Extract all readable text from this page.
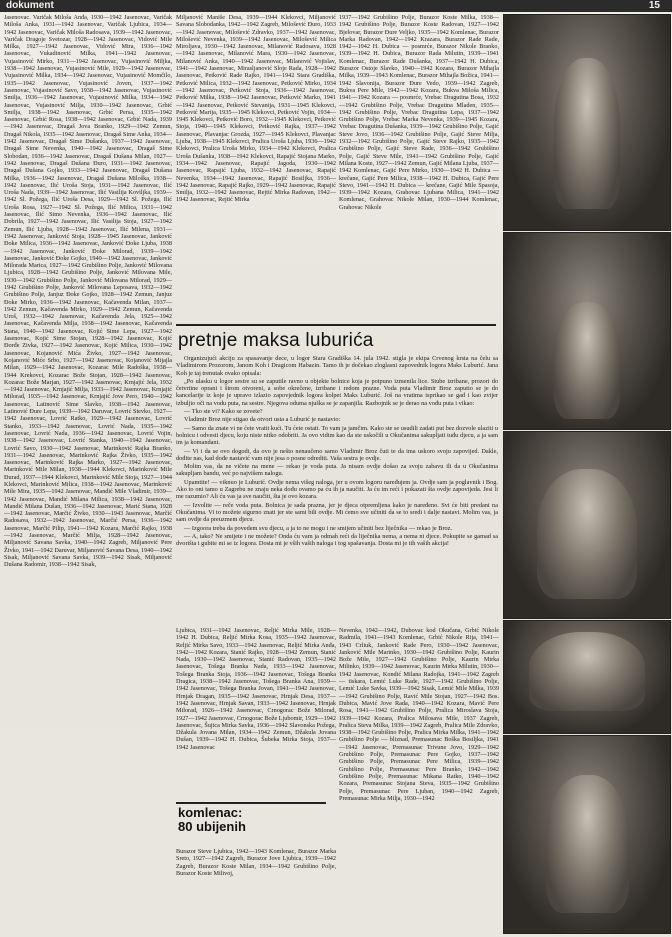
dokument	15
Jasenovac. Varičak Miloša Anđa, 1930—1942 Jasenovac, Varičak Miloša Anka, 1931—1942 Jasenovac, Varičak Ljubica, 1934—1942 Jasenovac, Varičak Miloša Radosava, 1939—1942 Jasenovac, Varičak Dragoje Svetozar, 1928—1942 Jasenovac, Vidović Mile Milka, 1927—1942 Jasenovac, Vidović Mira, 1936—1942 Jasenovac, Vukadinović Milka, 1941—1942 Jasenovac, Vujasinović Mirko, 1931—1942 Jasenovac, Vujasinović Miljka, 1938—1942 Jasenovac, Vujasinović Mile, 1929—1942 Jasenovac, Vujasinović Milka, 1934—1942 Jasenovac, Vujasinović Momčilo, 1935—1942 Jasenovac, Vujasinović Joven, 1937—1942 Jasenovac, Vujasinović Savo, 1938—1942 Jasenovac, Vujasinović Smilja, 1936—1942 Jasenovac, Vujasinović Milka, 1934—1942 Jasenovac, Vujasinović Milja, 1930—1942 Jasenovac, Grbić Smilja, 1938—1942 Jasenovac, Grbić Persa, 1935—1942 Jasenovac, Grbić Rosa, 1938—1942 Jasenovac, Grbić Nada, 1939—1942 Jasenovac, Dragaš Jova Branko, 1929—1942 Zemun, Dragaš Nikola, 1935—1942 Jasenovac, Dragaš Sime Anka, 1934—1942 Jasenovac, Dragaš Sime Dušanka, 1937—1942 Jasenovac, Dragaš Sime Nevenka, 1940—1942 Jasenovac, Dragaš Sime Slobodan, 1936—1942 Jasenovac, Dragaš Dušana Milan, 1927—1942 Jasenovac, Dragaš Dušana Đuro, 1931—1942 Jasenovac, Dragaš Dušana Gojko, 1933—1942 Jasenovac, Dragaš Dušana Milka, 1936—1942 Jasenovac, Dragaš Dušana Miloška, 1938—1942 Jasenovac, Ilić Uroša Stoja, 1931—1942 Jasenovac, Ilić Uroša Nada, 1939—1942 Jasenovac, Ilić Vasilija Kovilјka, 1939—1942 Sl. Požega, Ilić Uroša Desa, 1929—1942 Sl. Požega, Ilić Uroša Rosa, 1927—1942 Sl. Požega, Ilić Milica, 1931—1942 Jasenovac, Ilić Simo Nevenka, 1936—1942 Jasenovac, Ilić Dobrila, 1927—1942 Jasenovac, Ilić Vasilija Stoja, 1927—1942 Zemun, Ilić Ljuba, 1928—1942 Jasenovac, Ilić Milena, 1931—1942 Jasenovac, Janković Stoja, 1928—1945 Jasenovac, Janković Đoke Milica, 1936—1942 Jasenovac, Janković Đoke Ljuba, 1938—1942 Jasenovac, Janković Đoke Milorad, 1939—1942 Jasenovac, Janković Đoke Gojko, 1940—1942 Jasenovac, Janković Milorada Marica, 1927—1942 Grubišino Polje, Janković Milovana Ljubica, 1928—1942 Grubišino Polje, Janković Milovana Mile, 1930—1942 Grubišino Polje, Janković Milovana Milorad, 1929—1942 Grubišino Polje, Janković Milovana Leposava, 1932—1942 Grubišino Polje, Janjuz Đoke Gojko, 1928—1942 Zemun, Janjuz Đoke Mirko, 1936—1942 Jasenovac, Kačavenda Milan, 1937—1942 Zemun, Kačavenda Mirko, 1929—1942 Zemun, Kačavenda Uroš, 1932—1942 Jasenovac, Kačavenda Jela, 1925—1942 Jasenovac, Kačavenda Milja, 1938—1942 Jasenovac, Kačavenda Stana, 1940—1942 Jasenovac, Kojić Sime Lepa, 1927—1942 Jasenovac, Kojić Sime Stojan, 1928—1942 Jasenovac, Kojić Đorđe Zivka, 1927—1942 Jasenovac, Kojić Milica, 1930—1942 Jasenovac, Kojanović Mića Živko, 1927—1942 Jasenovac, Kojanović Miće Srbo, 1927—1942 Jasenovac, Kojanović Mijajla Milan, 1929—1942 Jasenovac, Kozarac Mile Radoška, 1938—1944 Krekovci, Kozarac Bože Stojan, 1928—1942 Jasenovac, Kozarac Bože Marjan, 1927—1942 Jasenovac, Krnjajić Jela, 1932—1942 Jasenovac, Krnjajić Milja, 1933—1942 Jasenovac, Krnjajić Milorad, 1935—1942 Jasenovac, Krnjajić Jove Pero, 1940—1942 Jasenovac, Latinović Sime Slavko, 1938—1942 Jasenovac, Latinović Đure Lepa, 1939—1942 Daruvar, Lovrić Stevko, 1927—1942 Jasenovac, Lovrić Ratko, 1929—1942 Jasenovac, Lovrić Stanko, 1933—1942 Jasenovac, Lovrić Nada, 1935—1942 Jasenovac, Lovrić Nada, 1936—1942 Jasenovac, Lovrić Vojin, 1938—1942 Jasenovac, Lovrić Stanka, 1940—1942 Jasenovac, Lovrić Savo, 1930—1942 Jasenovac, Marinković Rajka Branko, 1931—1942 Jasenovac, Marinković Rajka Živko, 1935—1942 Jasenovac, Marinković Rajka Marko, 1927—1942 Jasenovac, Marinković Mile Milan, 1938—1944 Klekovci, Marinković Mile Đurad, 1937—1944 Klekovci, Marinković Mile Stoja, 1927—1944 Klekovci, Marinković Milica, 1938—1942 Jasenovac, Marinković Mile Mira, 1935—1942 Jasenovac, Mandić Mile Vladimir, 1939—1942 Jasenovac, Mandić Milana Milica, 1938—1942 Jasenovac, Mandić Milana Dušan, 1936—1942 Jasenovac, Marić Stana, 1928—1942 Jasenovac, Marčić Živko, 1930—1943 Jasenovac, Marčić Radosava, 1932—1942 Jasenovac, Marčić Persa, 1936—1942 Jasenovac, Marčić Pilip, 1941—1942 Kozara, Marčić Rajko, 1938—1942 Jasenovac, Marčić Milja, 1928—1942 Jasenovac, Miljanović Savana Savka, 1940—1942 Zagreb, Miljanović Pere Živko, 1941—1942 Daruvar, Miljanović Savana Desa, 1940—1942 Sisak, Miljanović Savana Savka, 1939—1942 Sisak, Miljanović Dušana Radomir, 1938—1942 Sisak,
Miljanović Maniše Desa, 1939—1944 Klekovci, Miljanović Savana Slobodanka, 1942—1942 Zagreb, Milošević Đuro, 1933—1942 Jasenovac, Milošević Zdravko, 1937—1942 Jasenovac, Milošević Nevenka, 1939—1942 Jasenovac, Milošević Milica Mirolјava, 1930—1942 Jasenovac, Milanović Radosava, 1928—1942 Jasenovac, Milanović Mara, 1930—1942 Jasenovac, Milanović Anka, 1940—1942 Jasenovac, Milanović Vojislav, 1941—1942 Jasenovac, Miraslјanović Sloje Rada, 1928—1942 Jasenovac, Petković Rade Rajko, 1941—1942 Stara Gradiška, Petković Milica, 1932—1942 Jasenovac, Petković Mirko, 1934—1942 Jasenovac, Petković Stoja, 1936—1942 Jasenovac, Petković Milka, 1938—1942 Jasenovac, Petković Marko, 1941—1942 Jasenovac, Petković Stevanija, 1931—1945 Klekovci, Petković Marija, 1935—1945 Klekovci, Petković Vojin, 1934—1945 Klekovci, Petković Boro, 1932—1945 Klekovci, Petković Stoja, 1940—1945 Klekovci, Petković Rajka, 1937—1942 Jasenovac, Plavanjac Grozda, 1927—1945 Klekovci, Plavanjac Ljuba, 1938—1945 Klekovci, Pralica Uroša Ljuba, 1936—1942 Klekovci, Pralica Uroša Mirko, 1934—1942 Klekovci, Pralica Uroša Dušanka, 1938—1942 Klekovci, Rapajić Stojana Marko, 1934—1942 Jasenovac, Rapajić Jagoda, 1930—1942 Jasenovac, Rapajić Ljuba, 1932—1942 Jasenovac, Rapajić Nevenka, 1934—1942 Jasenovac, Rapajić Bosiljka, 1936—1942 Jasenovac, Rapajić Rajko, 1929—1942 Jasenovac, Rapajić Smilja, 1932—1942 Jasenovac, Rejtić Mirka Radovan, 1942—1942 Jasenovac, Rejtić Mirka
1937—1942 Grubišino Polje, Burazor Koste Milka, 1938—1942 Grubišino Polje, Burazor Koste Radovan, 1927—1942 Bjelovar, Burazor Đure Veljko, 1935—1942 Komlenac, Burazor Marka Radovan, 1942—1942 Krazara, Burazor Rade Rade, 1942—1942 H. Dubica — posmrće, Burazor Nikole Branko, 1939—1942 H. Dubica, Burazor Rada Milutin, 1939—1941 Komlenac, Burazor Rade Dušanka, 1937—1942 H. Dubica, Burazor Ostoje Slavko, 1940—1942 Kozara, Burazor Mihajla Milka, 1939—1943 Komlenac, Burazor Mihajla Božica, 1941—1942 Slavonija, Burazor Đure Vedo, 1939—1942 Zagreb, Bukva Pere Mile, 1942—1942 Kozara, Bukva Miloša Milica, 1941—1942 Kozara — posmrće, Vrebac Dragutina Bosa, 1932—1942 Grubišino Polje, Vrebac Dragutina Mladen, 1935—1942 Grubišino Polje, Vrebac Dragutina Lepa, 1937—1942 Grubišino Polje, Vrebac Marka Nevenka, 1939—1945 Kozara, Vrebac Dragutina Dušanka, 1939—1942 Grubišino Polje, Gajić Steve Jovo, 1936—1942 Grubišino Polje, Gajić Steve Milja, 1932—1942 Grubišino Polje, Gajić Steve Rajko, 1935—1942 Grubišino Polje, Gajić Steve Rade, 1936—1942 Grubišino Polje, Gajić Steve Mile, 1941—1942 Grubišino Polje, Gajić Milana Koste, 1927—1942 Zemun, Gajić Milana Ljuba, 1937—1942 Komlenac, Gajić Pere Mirko, 1930—1942 H. Dubica — krečane, Gajić Pere Milica, 1938—1942 H. Dubica, Gajić Pere Stevo, 1941—1942 H. Dubica — krečane, Gajić Mile Spasoja, 1939—1942 Kozara, Grahovac Ljubana Milica, 1941—1942 Komlenac, Grahovac Nikole Milan, 1930—1944 Komlenac, Grahovac Nikole
pretnje maksa luburića

Organizujući akciju za spasavanje dece, u logor Stara Gradiška 14. jula 1942. stigla je ekipa Crvenog krsta na čelu sa Vladimirom Prozorom, Janom Koh i Dragicom Habazin. Tamo ih je dočekao zloglasni zapovednik logora Maks Luburić. Jana Koh je taj trenutak ovako opisala:

„Po ulasku u logor sestre su se zaputile ravno u objekte bolnice koja je potpuno izmenila lice. Stube izribane, prozori do četvrtine oprani i širom otvoreni, a sobe okrečene, izribane i redom prazne. Voda puta Vladimir Broz zaputio se je do kancelarije iz koje je upravo izlazio zapovjednik logora kolpet Maks Luburić. Još na vratima isprikao se gad i kao zvijer izbuljio oči na vodu puta, na sestre. Njegova oduma njuška se je zapanjila. Razbojnik se je derao na vođu puta i vikao:

— Tko ste vi? Kako se zovete?

Vladimir Broz nije stigao da otvori usta a Luburić je nastavio:

— Samo da znate vi ne ćete vratit kući. Tu ćete ostati. To vam ja jamčim. Kako ste se usudili zadati put bez dozvole ulaziti u bolnicu i odvesti djecu, koju niste nitko odobriti. Ja ovo vidim kao da ste uskočili u Okučanima sakupljati tuđu djecu, a ja sam im ja komandant.

— Vi i da se ovo dogodi, da ovo je nešto nenaučeno samo Vladimir Broz čuti te da ima uskoro svoju zapovijed. Dakle, dođite nas, kad dođe nastavić vam nije jesa o posne odrediti. Vaša sestra je ovdje.

Molim vas, da ne vičete na mene — rekao je voda puta. Ja nisam ovdje došao za svoju zabavu ili da u Okučanima sakupljam bandu, već po najvišem nalogu.

Upamtite! — viknuo je Luburić. Ovdje nema višeg naloga, jer u ovom logoru naređujem ja. Ovdje sam ja poglavnik i Bog. Ako to oni tamo u Zagrebu ne znaju neka dođu ovamo pa ću ih ja naučiti. Ja ću im reći i pokazati šta ovdje zapovijeda. Jesi li me razumio? Ali ću vas ja sve naučiti, šta je ovo kozara.

— Izvolite — reče voda puta. Bolnica je sada prazna, jer je djeca otpremljena kako je naređeno. Svi će biti predani na Okučanima. Vi to možete sigurno znati jer ste sami bili ovdje. Mi ćemo sve učiniti da se to sredi i dalje nastavi. Molim vas, ja sam ovdje da preuzmem djecu.

— Izgoora treba da povedem svu djecu, a ja to ne mogu i ne smijem učiniti bez liječnika — rekao je Broz.

— A, tako? Ne smijete i ne možete? Onda ću vam ja odmah reći da liječnika nema, a nema ni djece. Pokupite se gamad sa dvorišta i gubite mi se iz logora. Dosta mi je vših vaših naloga i tog spašavanja. Dosta mi je tih vaših akcija!

Ljubica, 1931—1942 Jasenovac, Reljić Mirka Mile, 1928—1942 H. Dubica, Reljić Mirka Kosa, 1935—1942 Jasenovac, Reljić Mirka Savo, 1933—1942 Jasenovac, Reljić Mirka Anđa, 1942—1942 Kozara, Stanić Rajko, 1928—1942 Zemun, Stanić Nada, 1930—1942 Jasenovac, Stanić Radovan, 1935—1942 Jasenovac, Tošega Branka Nada, 1933—1942 Jasenovac, Tošega Branka Stoja, 1936—1942 Jasenovac, Tošega Branka Dragica, 1938—1942 Jasenovac, Tošega Branka Ana, 1939—1942 Jasenovac, Tošega Branka Jovan, 1941—1942 Jasenovac, Hrnjak Dragan, 1935—1942 Jasenovac, Hrnjak Desa, 1937—1942 Jasenovac, Hrnjak Savan, 1933—1942 Jasenovac, Hrnjak Milorad, 1926—1942 Jasenovac, Crnogorac Bože Milorad, 1927—1942 Jasenovac, Crnogorac Bože Ljubomir, 1929—1942 Jasenovac, Šujica Mirka Savka, 1936—1942 Slavonska Požega, Džakula Jovana Milan, 1934—1942 Zemun, Džakula Jovana Dušan, 1939—1942 H. Dubica, Šubeka Mirka Stoja, 1937—1942 Jasenovac
komlenac:
80 ubijenih
Burazor Steve Ljubica, 1942—1943 Komlenac, Burazor Marka Sreto, 1927—1942 Zagreb, Burazor Jove Ljubica, 1939—1942 Zagreb, Burazor Koste Milan, 1934—1942 Grubišino Polje, Burazor Koste Milivoj,
Nevenka, 1942—1942, Dubovac kod Okučana, Grbić Nikole Radmila, 1941—1943 Komlenac, Grbić Nikole Rija, 1941—1943 Crliuk, Janković Rade Pero, 1930—1942 Jasenovac, Janković Mile Marinko, 1930—1942 Grubišino Polje, Kaurin Bože Mile, 1927—1942 Grubišino Polje, Kaurin Mirka Milinko, 1939—1942 Jasenovac, Kaurin Mirka Milutin, 1930—1942 Jasenovac, Kondić Milana Radojka, 1941—1942 Zagreb — tiskara, Lemić Luke Rade, 1927—1942 Grubišino Polje, Lemić Luke Savka, 1939—1942 Sisak, Lemić Mile Milka, 1939—1942 Grubišino Polje, Ravić Mile Stojan, 1927—1942 Bos. Dubica, Mavić Jove Rada, 1940—1942 Kozara, Mavić Pere Rosa, 1941—1942 Grubišino Polje, Pralica Miroslava Stoja, 1939—1942 Kozara, Pralica Milosava Mile, 1937 Zagreb, Pralica Steva Milka, 1939—1942 Zagreb, Pralica Mile Zdravko, 1938—1942 Grubišino Polje, Pralica Mirka Milka, 1941—1942 Grubišino Polje — bliznad, Premasunac Boška Bosiljka, 1941—1942 Jasenovac, Premasunac Trivune Jovo, 1929—1942 Grubišino Polje, Premasunac Pere Gojko, 1937—1942 Grubišino Polje, Premasunac Pere Milica, 1939—1942 Grubišino Polje, Premasunac Pere Branko, 1942—1942 Grubišino Polje, Premasunac Mikana Ratko, 1940—1942 Kozara, Premasunac Stojana Steva, 1935—1942 Grubišino Polje, Premasunac Pere Ljuban, 1940—1942 Zagreb, Premasunac Mirka Milja, 1930—1942
